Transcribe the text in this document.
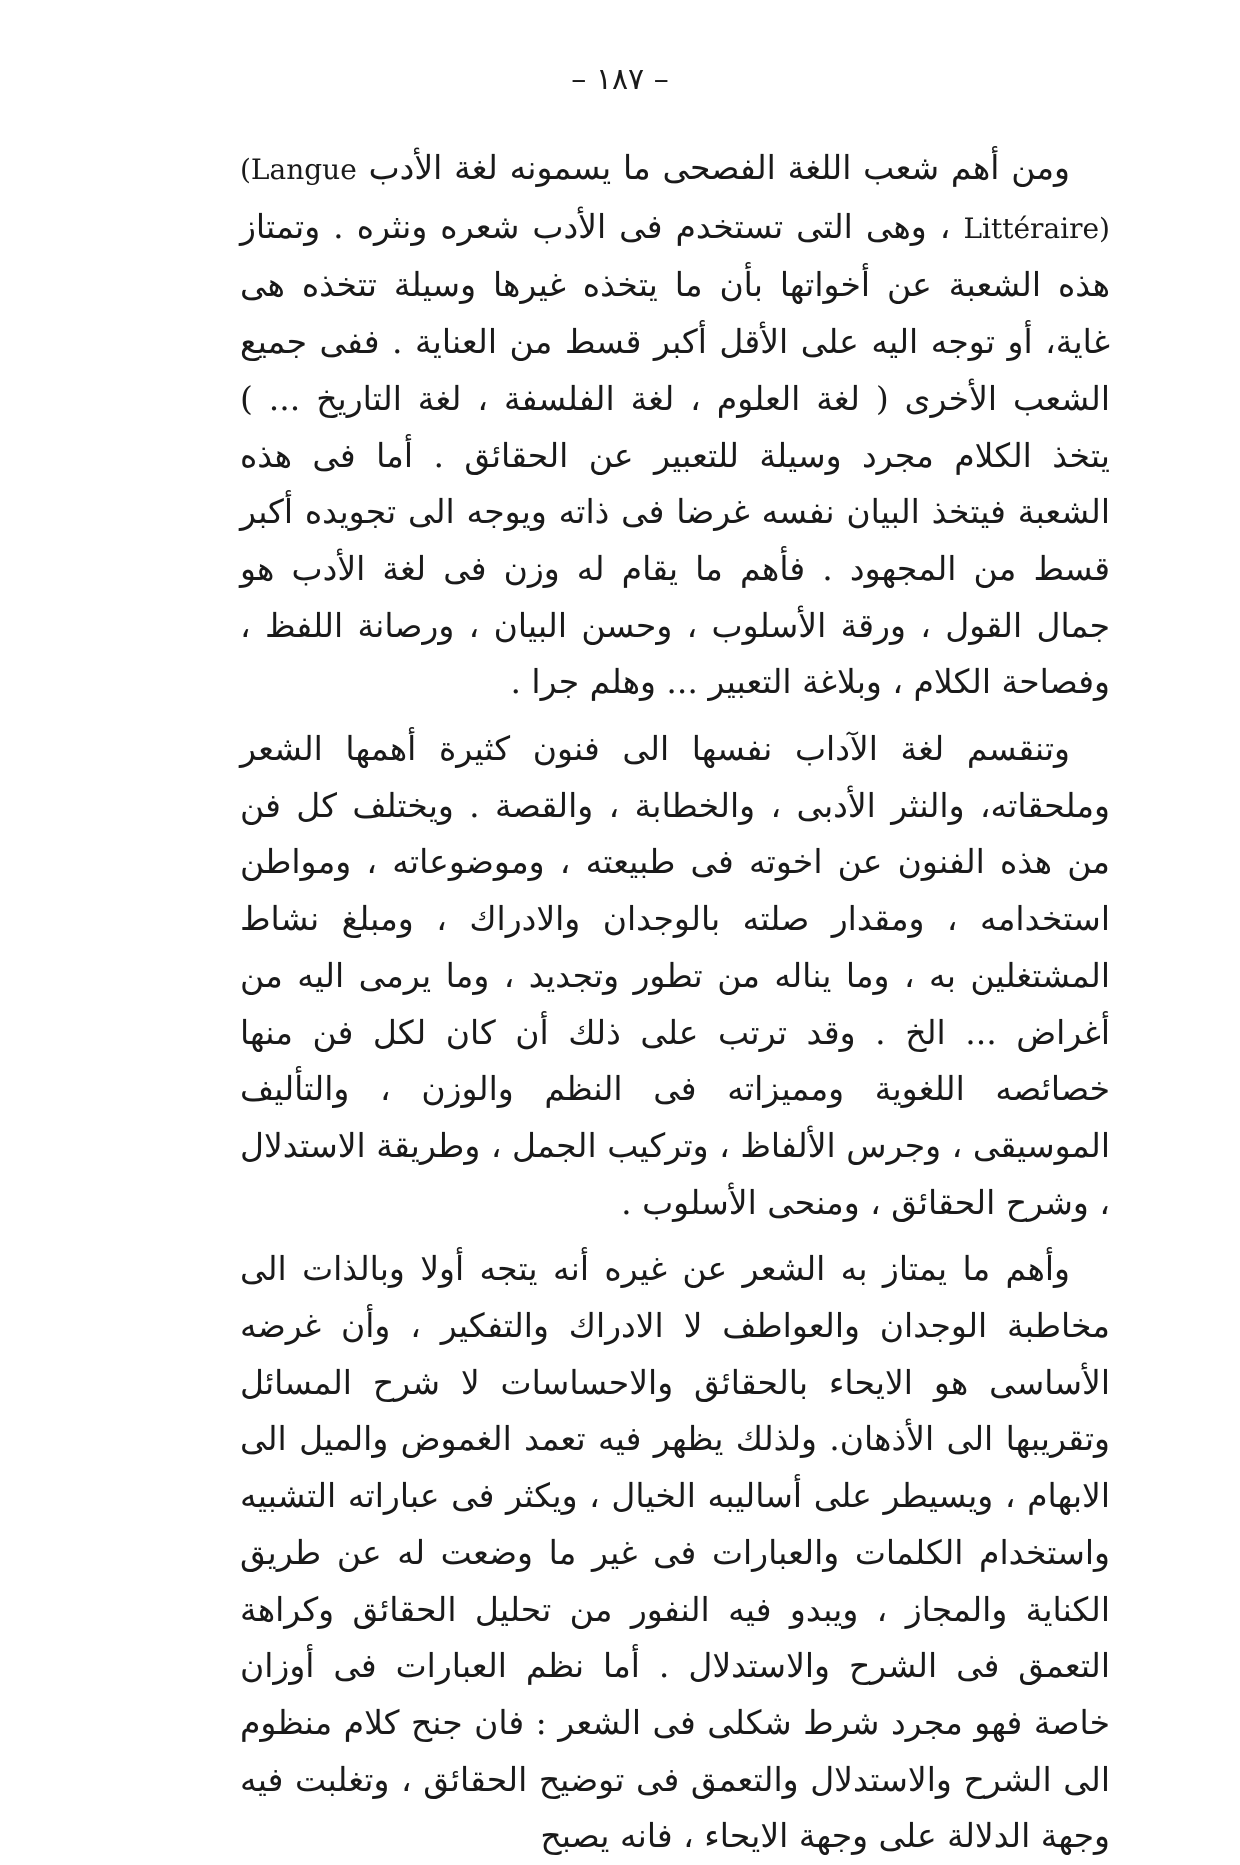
– ١٨٧ –

ومن أهم شعب اللغة الفصحى ما يسمونه لغة الأدب (Langue Littéraire) ، وهى التى تستخدم فى الأدب شعره ونثره . وتمتاز هذه الشعبة عن أخواتها بأن ما يتخذه غيرها وسيلة تتخذه هى غاية، أو توجه اليه على الأقل أكبر قسط من العناية . ففى جميع الشعب الأخرى ( لغة العلوم ، لغة الفلسفة ، لغة التاريخ ... ) يتخذ الكلام مجرد وسيلة للتعبير عن الحقائق . أما فى هذه الشعبة فيتخذ البيان نفسه غرضا فى ذاته ويوجه الى تجويده أكبر قسط من المجهود . فأهم ما يقام له وزن فى لغة الأدب هو جمال القول ، ورقة الأسلوب ، وحسن البيان ، ورصانة اللفظ ، وفصاحة الكلام ، وبلاغة التعبير ... وهلم جرا .

وتنقسم لغة الآداب نفسها الى فنون كثيرة أهمها الشعر وملحقاته، والنثر الأدبى ، والخطابة ، والقصة . ويختلف كل فن من هذه الفنون عن اخوته فى طبيعته ، وموضوعاته ، ومواطن استخدامه ، ومقدار صلته بالوجدان والادراك ، ومبلغ نشاط المشتغلين به ، وما يناله من تطور وتجديد ، وما يرمى اليه من أغراض ... الخ . وقد ترتب على ذلك أن كان لكل فن منها خصائصه اللغوية ومميزاته فى النظم والوزن ، والتأليف الموسيقى ، وجرس الألفاظ ، وتركيب الجمل ، وطريقة الاستدلال ، وشرح الحقائق ، ومنحى الأسلوب .

وأهم ما يمتاز به الشعر عن غيره أنه يتجه أولا وبالذات الى مخاطبة الوجدان والعواطف لا الادراك والتفكير ، وأن غرضه الأساسى هو الايحاء بالحقائق والاحساسات لا شرح المسائل وتقريبها الى الأذهان. ولذلك يظهر فيه تعمد الغموض والميل الى الابهام ، ويسيطر على أساليبه الخيال ، ويكثر فى عباراته التشبيه واستخدام الكلمات والعبارات فى غير ما وضعت له عن طريق الكناية والمجاز ، ويبدو فيه النفور من تحليل الحقائق وكراهة التعمق فى الشرح والاستدلال . أما نظم العبارات فى أوزان خاصة فهو مجرد شرط شكلى فى الشعر : فان جنح كلام منظوم الى الشرح والاستدلال والتعمق فى توضيح الحقائق ، وتغلبت فيه وجهة الدلالة على وجهة الايحاء ، فانه يصبح
